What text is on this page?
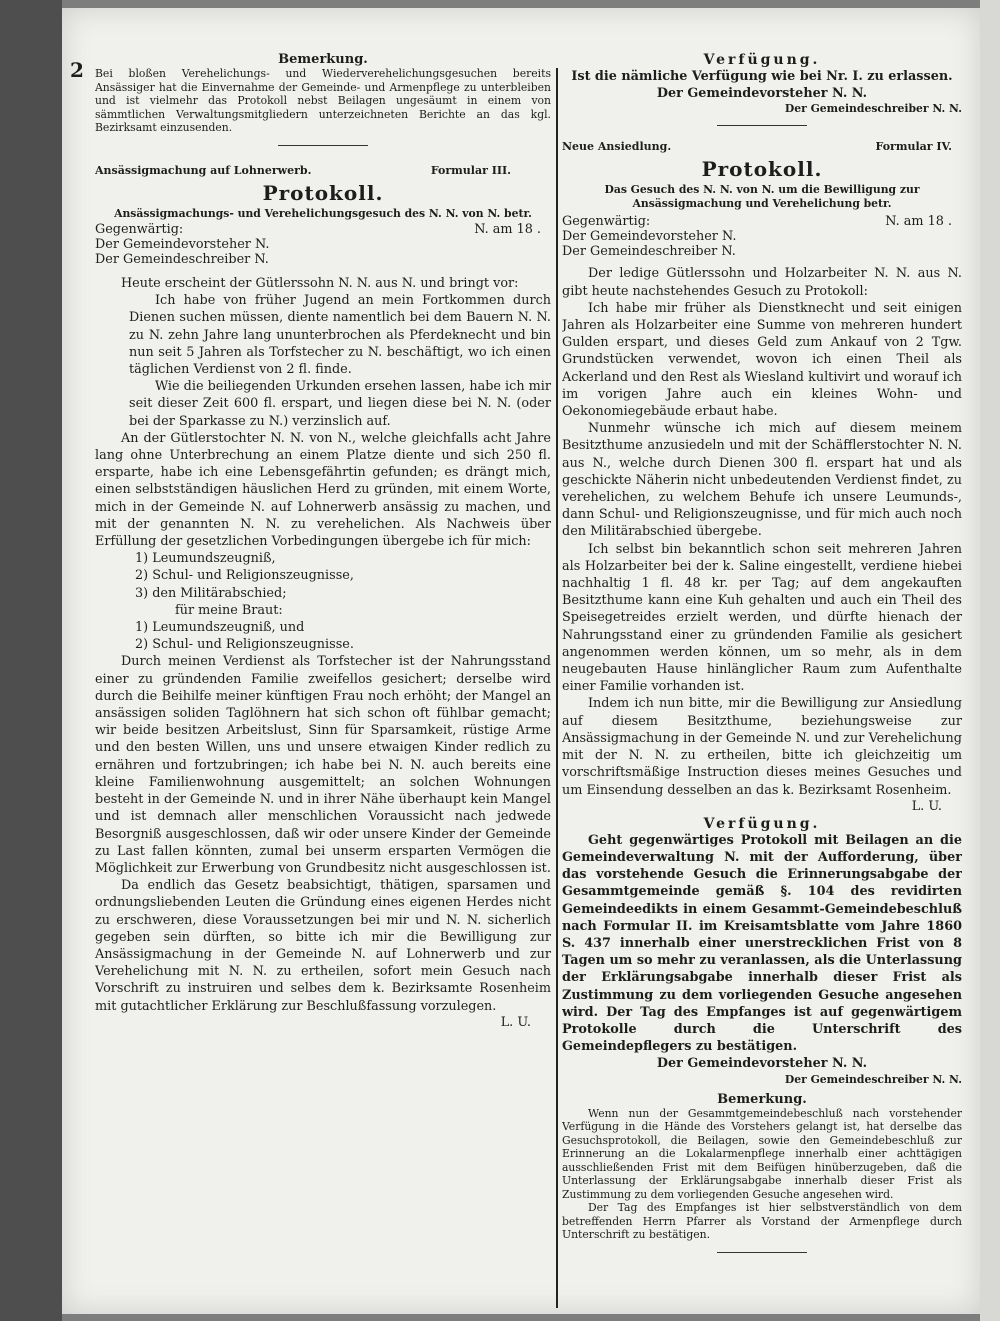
2	Bemerkung.

Bei bloßen Verehelichungs- und Wiederverehelichungsgesuchen bereits Ansässiger hat die Einvernahme der Gemeinde- und Armenpflege zu unterbleiben und ist vielmehr das Protokoll nebst Beilagen ungesäumt in einem von sämmtlichen Verwaltungsmitgliedern unterzeichneten Berichte an das kgl. Bezirksamt einzusenden.

Ansässigmachung auf Lohnerwerb.	Formular III.

Protokoll.

Ansässigmachungs- und Verehelichungsgesuch des N. N. von N. betr.

Gegenwärtig:	N. am 18 .

Der Gemeindevorsteher N.

Der Gemeindeschreiber N.

Heute erscheint der Gütlerssohn N. N. aus N. und bringt vor:

Ich habe von früher Jugend an mein Fortkommen durch Dienen suchen müssen, diente namentlich bei dem Bauern N. N. zu N. zehn Jahre lang ununterbrochen als Pferdeknecht und bin nun seit 5 Jahren als Torfstecher zu N. beschäftigt, wo ich einen täglichen Verdienst von 2 fl. finde.

Wie die beiliegenden Urkunden ersehen lassen, habe ich mir seit dieser Zeit 600 fl. erspart, und liegen diese bei N. N. (oder bei der Sparkasse zu N.) verzinslich auf.

An der Gütlerstochter N. N. von N., welche gleichfalls acht Jahre lang ohne Unterbrechung an einem Platze diente und sich 250 fl. ersparte, habe ich eine Lebensgefährtin gefunden; es drängt mich, einen selbstständigen häuslichen Herd zu gründen, mit einem Worte, mich in der Gemeinde N. auf Lohnerwerb ansässig zu machen, und mit der genannten N. N. zu verehelichen. Als Nachweis über Erfüllung der gesetzlichen Vorbedingungen übergebe ich für mich:

1) Leumundszeugniß,

2) Schul- und Religionszeugnisse,

3) den Militärabschied;

für meine Braut:

1) Leumundszeugniß, und

2) Schul- und Religionszeugnisse.

Durch meinen Verdienst als Torfstecher ist der Nahrungsstand einer zu gründenden Familie zweifellos gesichert; derselbe wird durch die Beihilfe meiner künftigen Frau noch erhöht; der Mangel an ansässigen soliden Taglöhnern hat sich schon oft fühlbar gemacht; wir beide besitzen Arbeitslust, Sinn für Sparsamkeit, rüstige Arme und den besten Willen, uns und unsere etwaigen Kinder redlich zu ernähren und fortzubringen; ich habe bei N. N. auch bereits eine kleine Familienwohnung ausgemittelt; an solchen Wohnungen besteht in der Gemeinde N. und in ihrer Nähe überhaupt kein Mangel und ist demnach aller menschlichen Voraussicht nach jedwede Besorgniß ausgeschlossen, daß wir oder unsere Kinder der Gemeinde zu Last fallen könnten, zumal bei unserm ersparten Vermögen die Möglichkeit zur Erwerbung von Grundbesitz nicht ausgeschlossen ist.

Da endlich das Gesetz beabsichtigt, thätigen, sparsamen und ordnungsliebenden Leuten die Gründung eines eigenen Herdes nicht zu erschweren, diese Voraussetzungen bei mir und N. N. sicherlich gegeben sein dürften, so bitte ich mir die Bewilligung zur Ansässigmachung in der Gemeinde N. auf Lohnerwerb und zur Verehelichung mit N. N. zu ertheilen, sofort mein Gesuch nach Vorschrift zu instruiren und selbes dem k. Bezirksamte Rosenheim mit gutachtlicher Erklärung zur Beschlußfassung vorzulegen.

L. U.

Verfügung.

Ist die nämliche Verfügung wie bei Nr. I. zu erlassen.

Der Gemeindevorsteher N. N.

Der Gemeindeschreiber N. N.

Neue Ansiedlung.	Formular IV.

Protokoll.

Das Gesuch des N. N. von N. um die Bewilligung zur Ansässigmachung und Verehelichung betr.

Gegenwärtig:	N. am 18 .

Der Gemeindevorsteher N.

Der Gemeindeschreiber N.

Der ledige Gütlerssohn und Holzarbeiter N. N. aus N. gibt heute nachstehendes Gesuch zu Protokoll:

Ich habe mir früher als Dienstknecht und seit einigen Jahren als Holzarbeiter eine Summe von mehreren hundert Gulden erspart, und dieses Geld zum Ankauf von 2 Tgw. Grundstücken verwendet, wovon ich einen Theil als Ackerland und den Rest als Wiesland kultivirt und worauf ich im vorigen Jahre auch ein kleines Wohn- und Oekonomiegebäude erbaut habe.

Nunmehr wünsche ich mich auf diesem meinem Besitzthume anzusiedeln und mit der Schäfflerstochter N. N. aus N., welche durch Dienen 300 fl. erspart hat und als geschickte Näherin nicht unbedeutenden Verdienst findet, zu verehelichen, zu welchem Behufe ich unsere Leumunds-, dann Schul- und Religionszeugnisse, und für mich auch noch den Militärabschied übergebe.

Ich selbst bin bekanntlich schon seit mehreren Jahren als Holzarbeiter bei der k. Saline eingestellt, verdiene hiebei nachhaltig 1 fl. 48 kr. per Tag; auf dem angekauften Besitzthume kann eine Kuh gehalten und auch ein Theil des Speisegetreides erzielt werden, und dürfte hienach der Nahrungsstand einer zu gründenden Familie als gesichert angenommen werden können, um so mehr, als in dem neugebauten Hause hinlänglicher Raum zum Aufenthalte einer Familie vorhanden ist.

Indem ich nun bitte, mir die Bewilligung zur Ansiedlung auf diesem Besitzthume, beziehungsweise zur Ansässigmachung in der Gemeinde N. und zur Verehelichung mit der N. N. zu ertheilen, bitte ich gleichzeitig um vorschriftsmäßige Instruction dieses meines Gesuches und um Einsendung desselben an das k. Bezirksamt Rosenheim.

L. U.

Verfügung.

Geht gegenwärtiges Protokoll mit Beilagen an die Gemeindeverwaltung N. mit der Aufforderung, über das vorstehende Gesuch die Erinnerungsabgabe der Gesammtgemeinde gemäß §. 104 des revidirten Gemeindeedikts in einem Gesammt-Gemeindebeschluß nach Formular II. im Kreisamtsblatte vom Jahre 1860 S. 437 innerhalb einer unerstrecklichen Frist von 8 Tagen um so mehr zu veranlassen, als die Unterlassung der Erklärungsabgabe innerhalb dieser Frist als Zustimmung zu dem vorliegenden Gesuche angesehen wird. Der Tag des Empfanges ist auf gegenwärtigem Protokolle durch die Unterschrift des Gemeindepflegers zu bestätigen.

Der Gemeindevorsteher N. N.

Der Gemeindeschreiber N. N.

Bemerkung.

Wenn nun der Gesammtgemeindebeschluß nach vorstehender Verfügung in die Hände des Vorstehers gelangt ist, hat derselbe das Gesuchsprotokoll, die Beilagen, sowie den Gemeindebeschluß zur Erinnerung an die Lokalarmenpflege innerhalb einer achttägigen ausschließenden Frist mit dem Beifügen hinüberzugeben, daß die Unterlassung der Erklärungsabgabe innerhalb dieser Frist als Zustimmung zu dem vorliegenden Gesuche angesehen wird.

Der Tag des Empfanges ist hier selbstverständlich von dem betreffenden Herrn Pfarrer als Vorstand der Armenpflege durch Unterschrift zu bestätigen.
